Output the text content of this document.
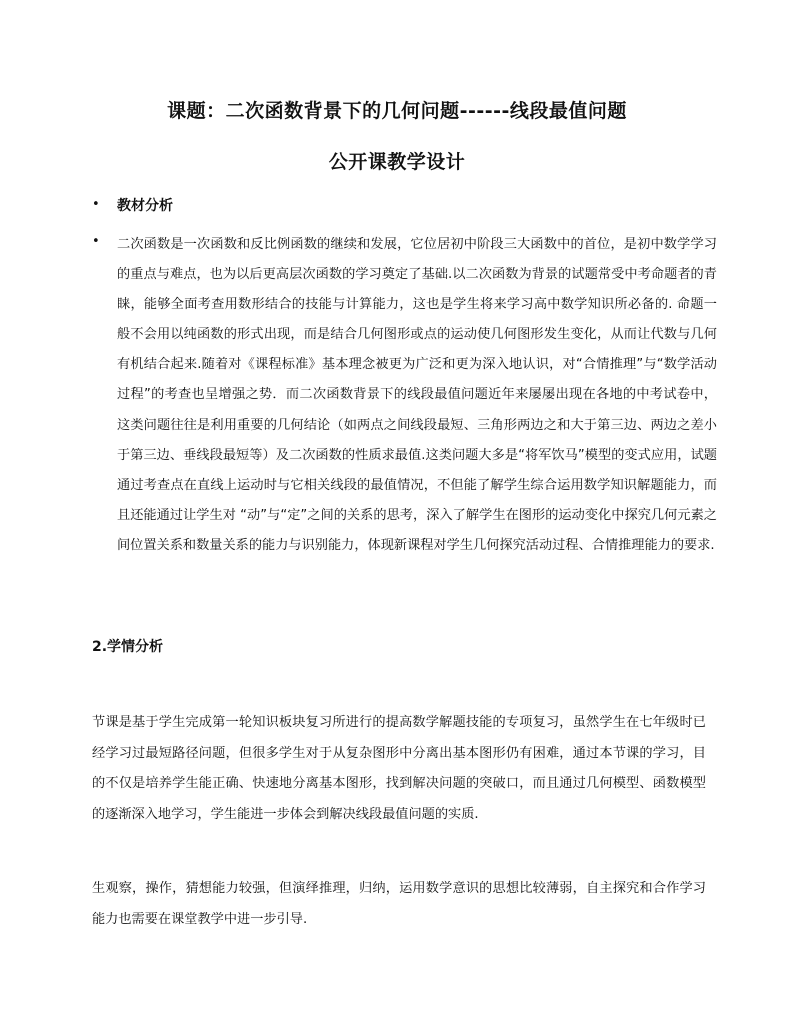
课题：二次函数背景下的几何问题------线段最值问题
公开课教学设计
• 教材分析
• 二次函数是一次函数和反比例函数的继续和发展，它位居初中阶段三大函数中的首位，是初中数学学习的重点与难点，也为以后更高层次函数的学习奠定了基础.以二次函数为背景的试题常受中考命题者的青睐，能够全面考查用数形结合的技能与计算能力，这也是学生将来学习高中数学知识所必备的. 命题一般不会用以纯函数的形式出现，而是结合几何图形或点的运动使几何图形发生变化，从而让代数与几何有机结合起来.随着对《课程标准》基本理念被更为广泛和更为深入地认识，对“合情推理”与“数学活动过程”的考查也呈增强之势．而二次函数背景下的线段最值问题近年来屡屡出现在各地的中考试卷中，这类问题往往是利用重要的几何结论（如两点之间线段最短、三角形两边之和大于第三边、两边之差小于第三边、垂线段最短等）及二次函数的性质求最值.这类问题大多是“将军饮马”模型的变式应用，试题通过考查点在直线上运动时与它相关线段的最值情况，不但能了解学生综合运用数学知识解题能力，而且还能通过让学生对 “动”与“定”之间的关系的思考，深入了解学生在图形的运动变化中探究几何元素之间位置关系和数量关系的能力与识别能力，体现新课程对学生几何探究活动过程、合情推理能力的要求.
2.学情分析
节课是基于学生完成第一轮知识板块复习所进行的提高数学解题技能的专项复习，虽然学生在七年级时已经学习过最短路径问题，但很多学生对于从复杂图形中分离出基本图形仍有困难，通过本节课的学习，目的不仅是培养学生能正确、快速地分离基本图形，找到解决问题的突破口，而且通过几何模型、函数模型的逐渐深入地学习，学生能进一步体会到解决线段最值问题的实质.
生观察，操作，猜想能力较强，但演绎推理，归纳，运用数学意识的思想比较薄弱，自主探究和合作学习能力也需要在课堂教学中进一步引导.
